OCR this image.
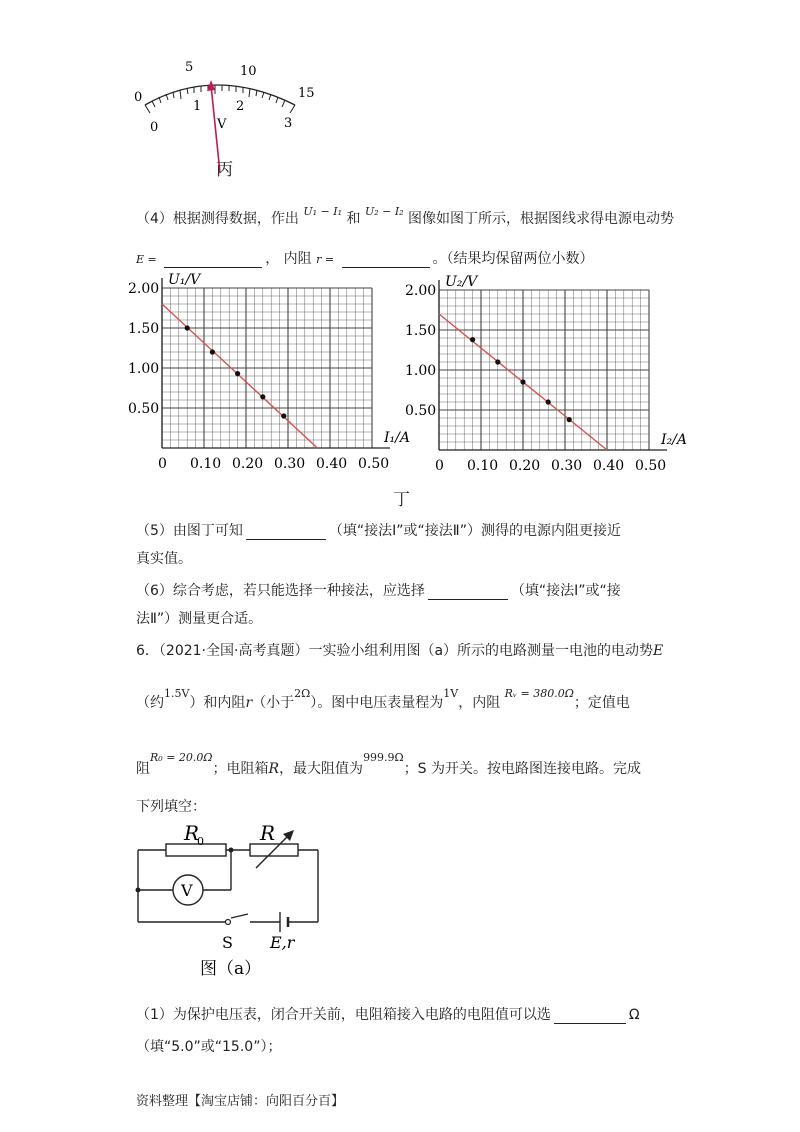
0
5	10
15
0
1	2
3
V
丙
（4）根据测得数据，作出 $^{U_1 - I_1}$ 和 $^{U_2 - I_2}$ 图像如图丁所示，根据图线求得电源电动势
E =	， 内阻 r =	。（结果均保留两位小数）
0 0.10 0.20 0.30 0.40 0.50
0.50
1.00
1.50
2.00
I₁/A
U₁/V
0 0.10 0.20 0.30 0.40 0.50
0.50
1.00
1.50
2.00
I₂/A
U₂/V
丁
（5）由图丁可知	（填“接法Ⅰ”或“接法Ⅱ”）测得的电源内阻更接近
真实值。
（6）综合考虑，若只能选择一种接法，应选择	（填“接法Ⅰ”或“接
法Ⅱ”）测量更合适。
6．（2021·全国·高考真题）一实验小组利用图（a）所示的电路测量一电池的电动势E
（约$^{1.5V}$）和内阻r（小于$^{2\Omega}$）。图中电压表量程为$^{1V}$，内阻 $^{Rᵥ = 380.0\Omega}$；定值电
阻$^{R_0 = 20.0\Omega}$；电阻箱R，最大阻值为$^{999.9\Omega}$；S 为开关。按电路图连接电路。完成
下列填空：
V
R
0	R
S E,r
图（a）
（1）为保护电压表，闭合开关前，电阻箱接入电路的电阻值可以选	Ω
（填“5.0”或“15.0”）；
资料整理【淘宝店铺：向阳百分百】
